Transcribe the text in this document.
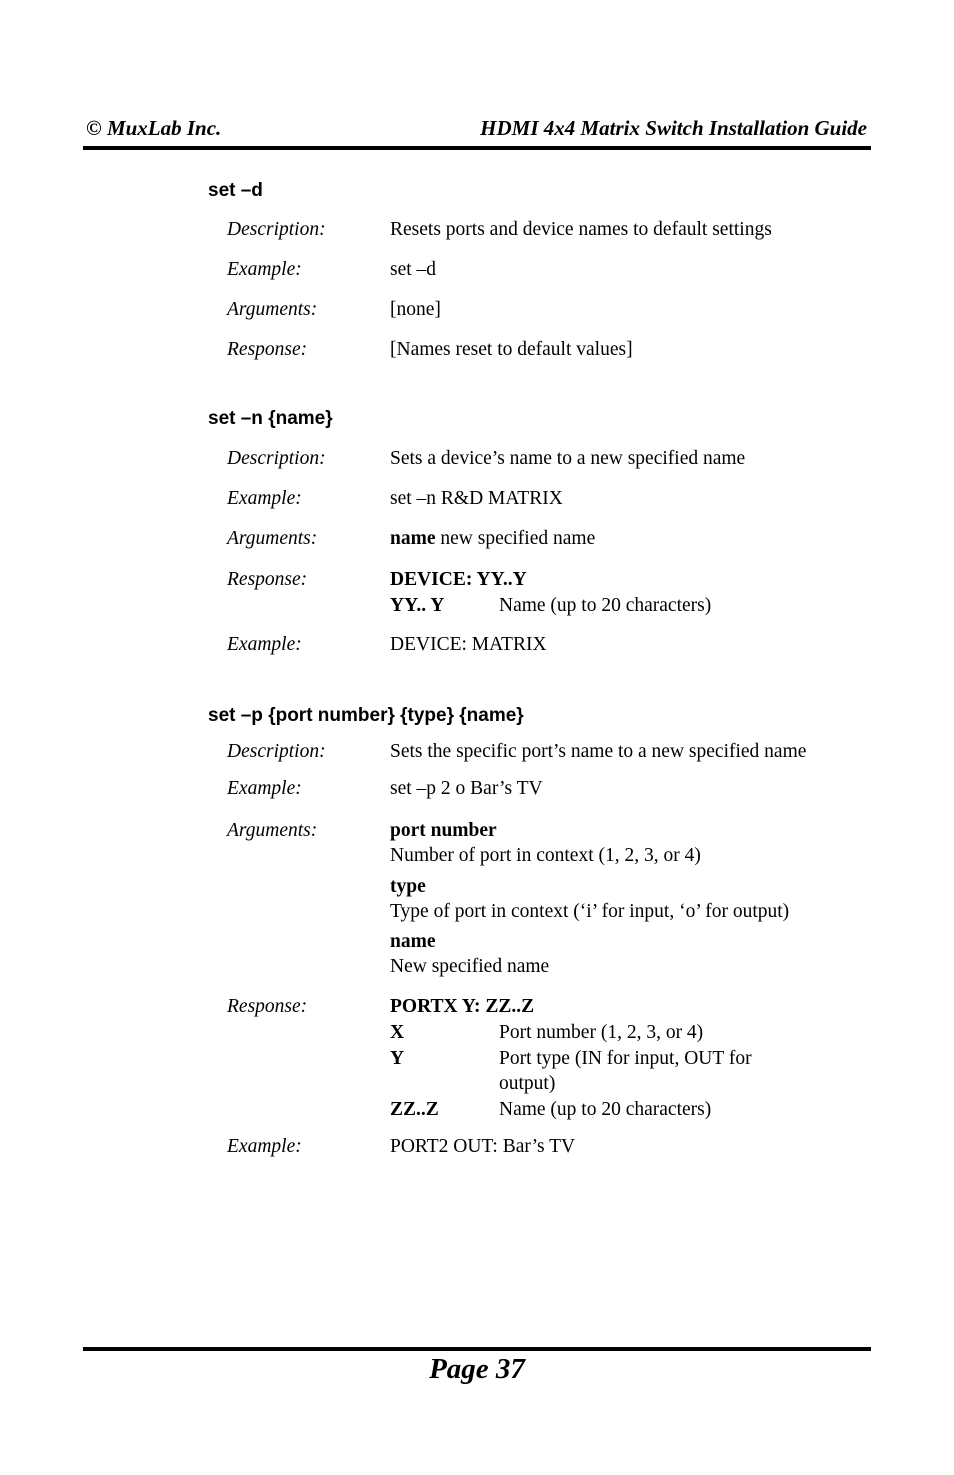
© MuxLab Inc.	HDMI 4x4 Matrix Switch Installation Guide
set –d
Description:	Resets ports and device names to default settings
Example:	set –d
Arguments:	[none]
Response:	[Names reset to default values]
set –n {name}
Description:	Sets a device’s name to a new specified name
Example:	set –n R&D MATRIX
Arguments:	name new specified name
Response:	DEVICE: YY..Y
YY.. Y	Name (up to 20 characters)
Example:	DEVICE: MATRIX
set –p {port number} {type} {name}
Description:	Sets the specific port’s name to a new specified name
Example:	set –p 2 o Bar’s TV
Arguments:	port number
Number of port in context (1, 2, 3, or 4)
type
Type of port in context (‘i’ for input, ‘o’ for output)
name
New specified name
Response:	PORTX Y: ZZ..Z
X	Port number (1, 2, 3, or 4)
Y	Port type (IN for input, OUT for
output)
ZZ..Z	Name (up to 20 characters)
Example:	PORT2 OUT: Bar’s TV
Page 37
